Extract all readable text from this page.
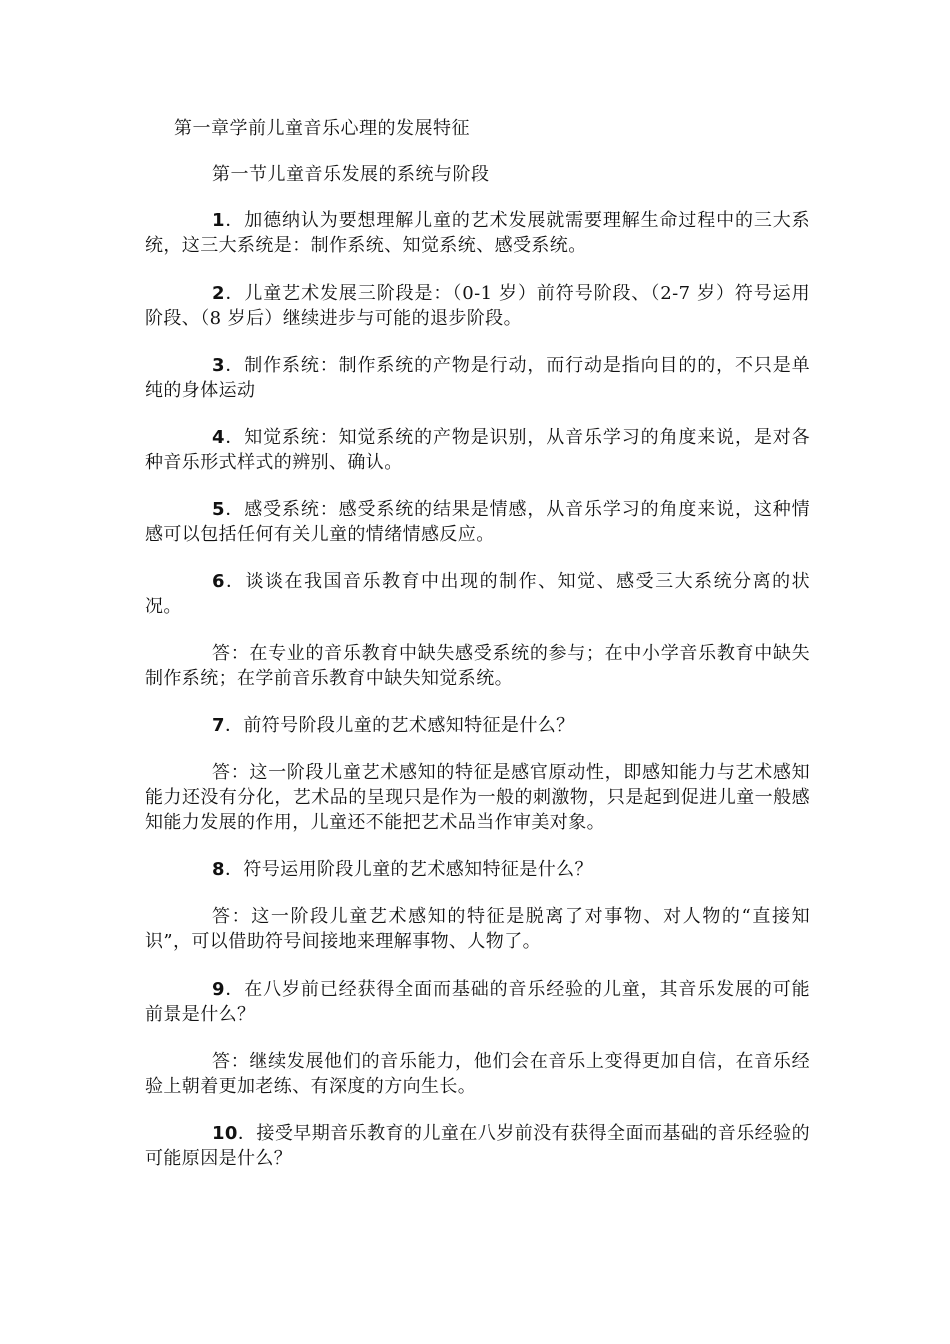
第一章学前儿童音乐心理的发展特征
第一节儿童音乐发展的系统与阶段

1．加德纳认为要想理解儿童的艺术发展就需要理解生命过程中的三大系统，这三大系统是：制作系统、知觉系统、感受系统。

2．儿童艺术发展三阶段是：（0-1 岁）前符号阶段、（2-7 岁）符号运用阶段、（8 岁后）继续进步与可能的退步阶段。

3．制作系统：制作系统的产物是行动，而行动是指向目的的，不只是单纯的身体运动

4．知觉系统：知觉系统的产物是识别，从音乐学习的角度来说，是对各种音乐形式样式的辨别、确认。

5．感受系统：感受系统的结果是情感，从音乐学习的角度来说，这种情感可以包括任何有关儿童的情绪情感反应。

6．谈谈在我国音乐教育中出现的制作、知觉、感受三大系统分离的状况。

答：在专业的音乐教育中缺失感受系统的参与；在中小学音乐教育中缺失制作系统；在学前音乐教育中缺失知觉系统。

7．前符号阶段儿童的艺术感知特征是什么？

答：这一阶段儿童艺术感知的特征是感官原动性，即感知能力与艺术感知能力还没有分化，艺术品的呈现只是作为一般的刺激物，只是起到促进儿童一般感知能力发展的作用，儿童还不能把艺术品当作审美对象。

8．符号运用阶段儿童的艺术感知特征是什么？

答：这一阶段儿童艺术感知的特征是脱离了对事物、对人物的“直接知识”，可以借助符号间接地来理解事物、人物了。

9．在八岁前已经获得全面而基础的音乐经验的儿童，其音乐发展的可能前景是什么？

答：继续发展他们的音乐能力，他们会在音乐上变得更加自信，在音乐经验上朝着更加老练、有深度的方向生长。

10．接受早期音乐教育的儿童在八岁前没有获得全面而基础的音乐经验的可能原因是什么？
